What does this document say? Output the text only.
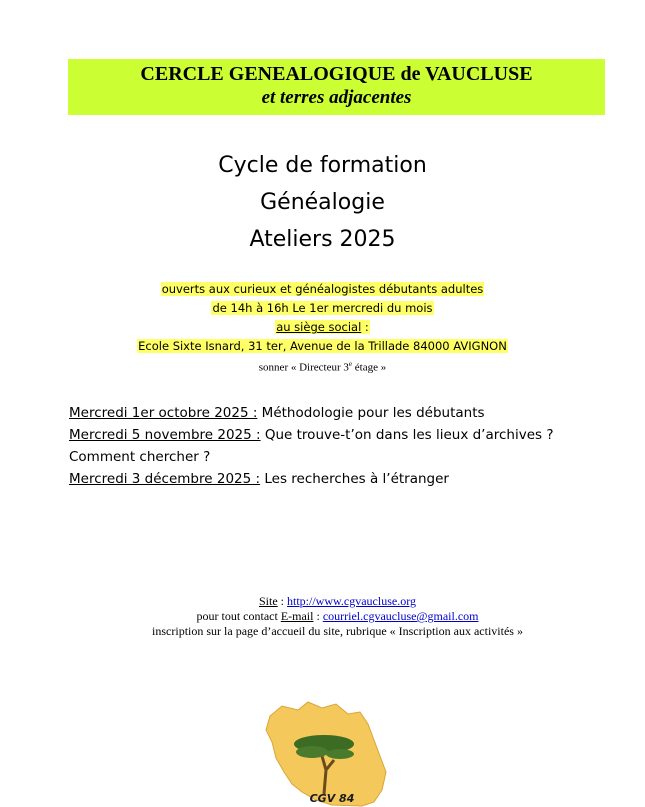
CERCLE GENEALOGIQUE de VAUCLUSE
et terres adjacentes
Cycle de formation
Généalogie
Ateliers 2025
ouverts aux curieux et généalogistes débutants adultes
de 14h à 16h Le 1er mercredi du mois
au siège social :
Ecole Sixte Isnard, 31 ter, Avenue de la Trillade 84000 AVIGNON
sonner « Directeur 3e étage »
Mercredi 1er octobre 2025 : Méthodologie pour les débutants
Mercredi 5 novembre 2025 : Que trouve-t’on dans les lieux d’archives ?
Comment chercher ?
Mercredi 3 décembre 2025 : Les recherches à l’étranger
Site : http://www.cgvaucluse.org
pour tout contact E-mail : courriel.cgvaucluse@gmail.com
inscription sur la page d’accueil du site, rubrique « Inscription aux activités »
CGV 84
